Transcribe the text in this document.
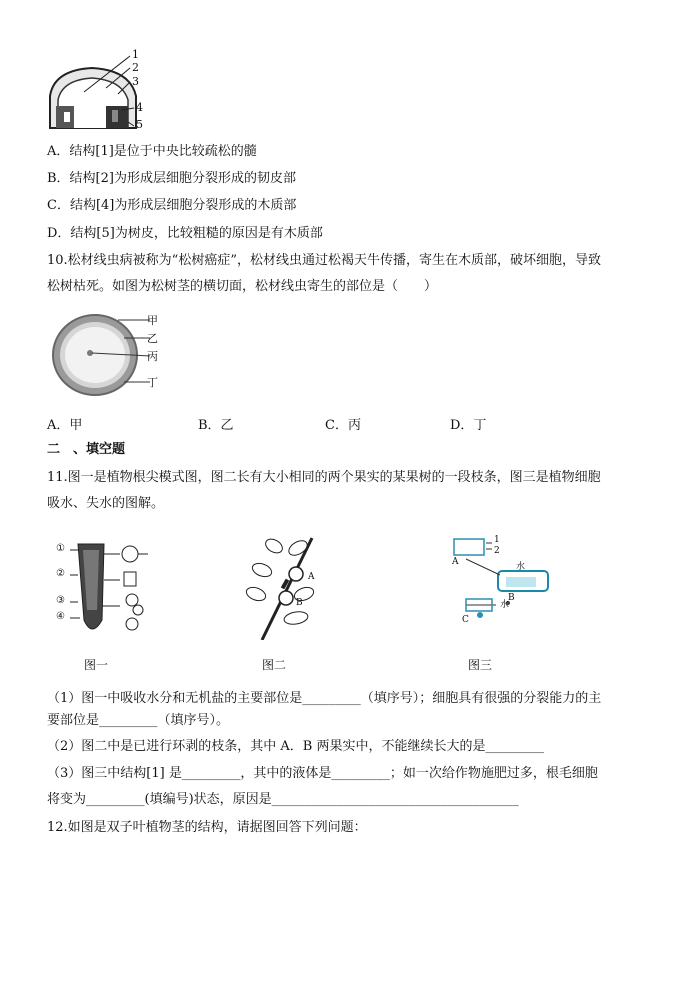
1
2
3
4
5
A．结构[1]是位于中央比较疏松的髓
B．结构[2]为形成层细胞分裂形成的韧皮部
C．结构[4]为形成层细胞分裂形成的木质部
D．结构[5]为树皮，比较粗糙的原因是有木质部
10.松材线虫病被称为“松树癌症”，松材线虫通过松褐天牛传播，寄生在木质部，破坏细胞，导致
松树枯死。如图为松树茎的横切面，松材线虫寄生的部位是（　　）
甲
乙
丙
丁
A．甲	B．乙	C．丙	D．丁
二　、填空题
11.图一是植物根尖模式图，图二长有大小相同的两个果实的某果树的一段枝条，图三是植物细胞
吸水、失水的图解。
①
②
③
④
A
B
1
2
A	水
B
水
C
图一	图二	图三
（1）图一中吸收水分和无机盐的主要部位是_________（填序号）；细胞具有很强的分裂能力的主
要部位是_________（填序号）。
（2）图二中是已进行环剥的枝条，其中 A．B 两果实中，不能继续长大的是_________
（3）图三中结构[1] 是_________，其中的液体是_________；如一次给作物施肥过多，根毛细胞
将变为_________(填编号)状态，原因是______________________________________
12.如图是双子叶植物茎的结构，请据图回答下列问题：
